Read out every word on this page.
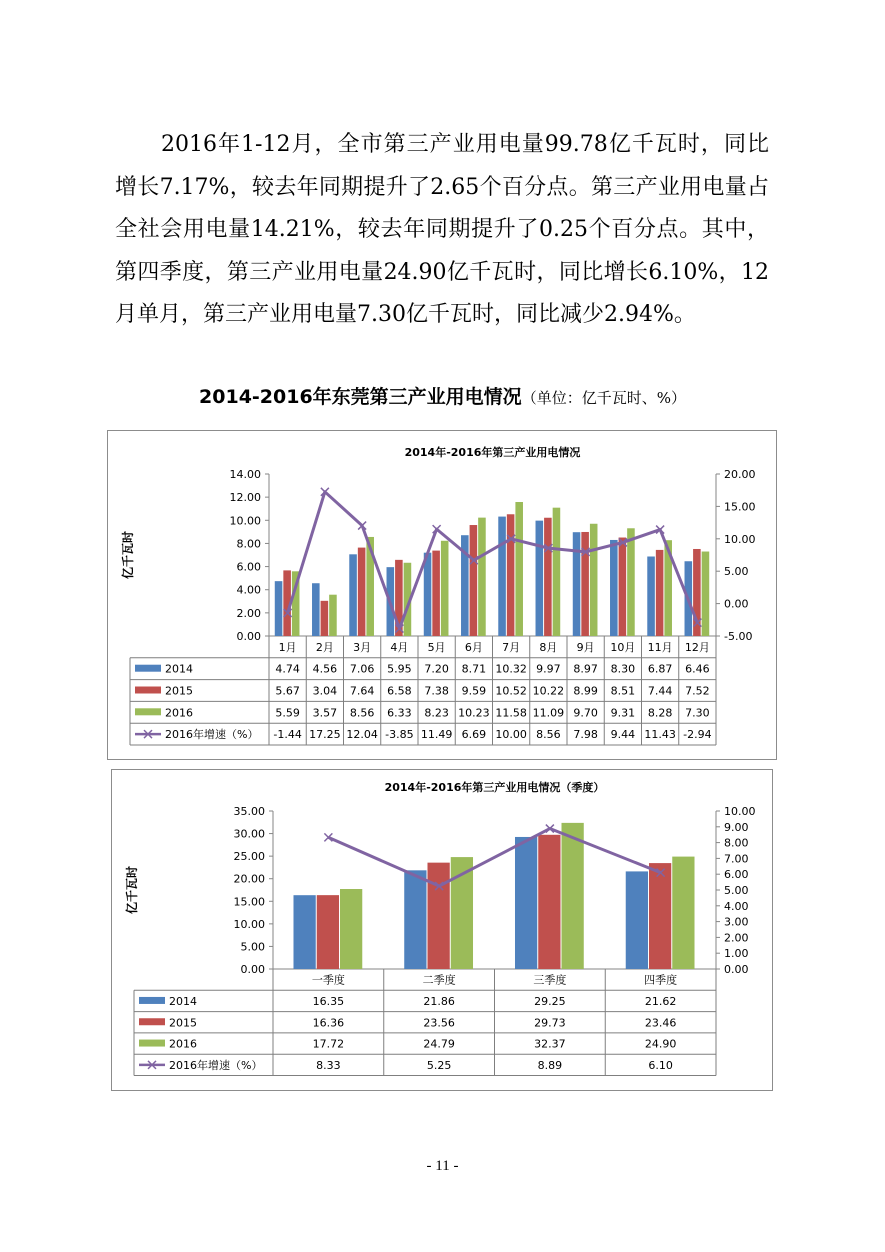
2016年1-12月，全市第三产业用电量99.78亿千瓦时，同比增长7.17%，较去年同期提升了2.65个百分点。第三产业用电量占全社会用电量14.21%，较去年同期提升了0.25个百分点。其中，第四季度，第三产业用电量24.90亿千瓦时，同比增长6.10%，12月单月，第三产业用电量7.30亿千瓦时，同比减少2.94%。

2014-2016年东莞第三产业用电情况（单位：亿千瓦时、%）
2014年-2016年第三产业用电情况
亿千瓦时
0.00
2.00
4.00
6.00
8.00
10.00
12.00
14.00
-5.00
0.00
5.00
10.00
15.00
20.00
1月 2月 3月 4月 5月 6月 7月 8月 9月 10月 11月 12月
2014	4.74 4.56 7.06 5.95 7.20 8.71 10.32 9.97 8.97 8.30 6.87 6.46
2015	5.67 3.04 7.64 6.58 7.38 9.59 10.52 10.22 8.99 8.51 7.44 7.52
2016	5.59 3.57 8.56 6.33 8.23 10.23 11.58 11.09 9.70 9.31 8.28 7.30
2016年增速（%） -1.44 17.25 12.04 -3.85 11.49 6.69 10.00 8.56 7.98 9.44 11.43 -2.94
2014年-2016年第三产业用电情况（季度）
亿千瓦时
0.00
5.00
10.00
15.00
20.00
25.00
30.00
35.00
0.00
1.00
2.00
3.00
4.00
5.00
6.00
7.00
8.00
9.00
10.00
一季度	二季度	三季度	四季度
2014	16.35	21.86	29.25	21.62
2015	16.36	23.56	29.73	23.46
2016	17.72	24.79	32.37	24.90
2016年增速（%）	8.33	5.25	8.89	6.10
- 11 -
